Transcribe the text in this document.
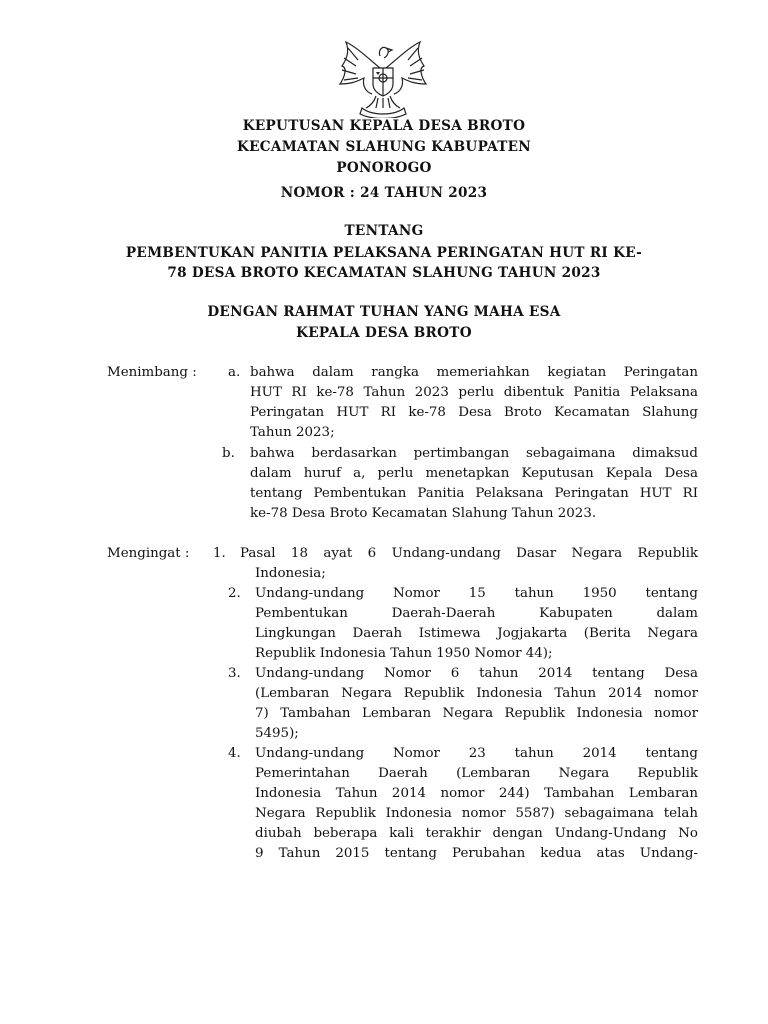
KEPUTUSAN KEPALA DESA BROTO
KECAMATAN SLAHUNG KABUPATEN
PONOROGO
NOMOR : 24 TAHUN 2023
TENTANG
PEMBENTUKAN PANITIA PELAKSANA PERINGATAN HUT RI KE-
78 DESA BROTO KECAMATAN SLAHUNG TAHUN 2023
DENGAN RAHMAT TUHAN YANG MAHA ESA
KEPALA DESA BROTO
Menimbang : a. bahwa dalam rangka memeriahkan kegiatan Peringatan
HUT RI ke-78 Tahun 2023 perlu dibentuk Panitia Pelaksana
Peringatan HUT RI ke-78 Desa Broto Kecamatan Slahung
Tahun 2023;
b. bahwa berdasarkan pertimbangan sebagaimana dimaksud
dalam huruf a, perlu menetapkan Keputusan Kepala Desa
tentang Pembentukan Panitia Pelaksana Peringatan HUT RI
ke-78 Desa Broto Kecamatan Slahung Tahun 2023.
Mengingat : 1. Pasal 18 ayat 6 Undang-undang Dasar Negara Republik
Indonesia;
2. Undang-undang Nomor 15 tahun 1950 tentang
Pembentukan Daerah-Daerah Kabupaten dalam
Lingkungan Daerah Istimewa Jogjakarta (Berita Negara
Republik Indonesia Tahun 1950 Nomor 44);
3. Undang-undang Nomor 6 tahun 2014 tentang Desa
(Lembaran Negara Republik Indonesia Tahun 2014 nomor
7) Tambahan Lembaran Negara Republik Indonesia nomor
5495);
4. Undang-undang Nomor 23 tahun 2014 tentang
Pemerintahan Daerah (Lembaran Negara Republik
Indonesia Tahun 2014 nomor 244) Tambahan Lembaran
Negara Republik Indonesia nomor 5587) sebagaimana telah
diubah beberapa kali terakhir dengan Undang-Undang No
9 Tahun 2015 tentang Perubahan kedua atas Undang-
